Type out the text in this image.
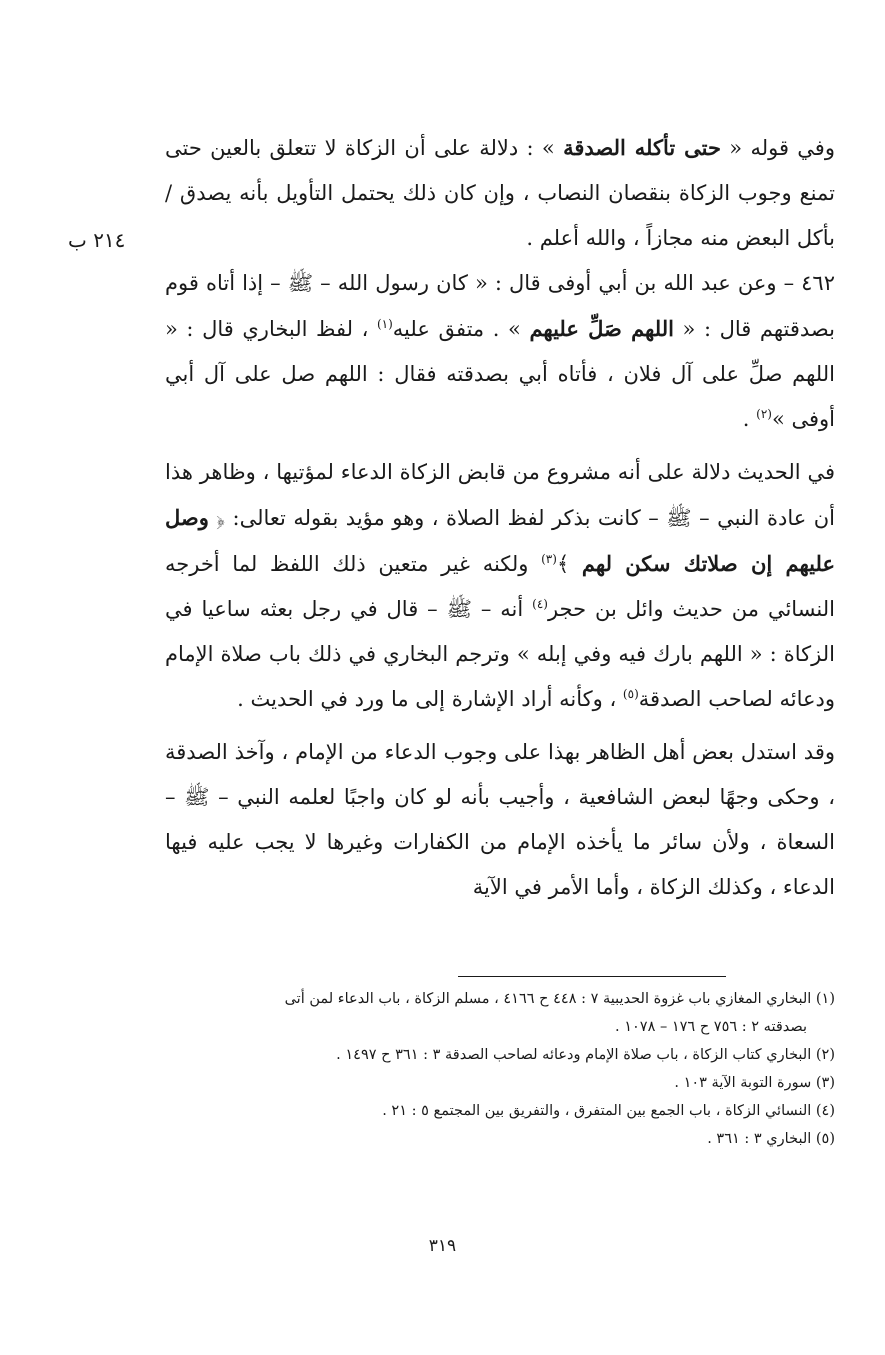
٢١٤ ب

وفي قوله « حتى تأكله الصدقة » : دلالة على أن الزكاة لا تتعلق بالعين حتى تمنع وجوب الزكاة بنقصان النصاب ، وإن كان ذلك يحتمل التأويل بأنه يصدق / بأكل البعض منه مجازاً ، والله أعلم .

٤٦٢ – وعن عبد الله بن أبي أوفى قال : « كان رسول الله – ﷺ – إذا أتاه قوم بصدقتهم قال : « اللهم صَلِّ عليهم » . متفق عليه$^{(١)}$ ، لفظ البخاري قال : « اللهم صلِّ على آل فلان ، فأتاه أبي بصدقته فقال : اللهم صل على آل أبي أوفى »$^{(٢)}$ .

في الحديث دلالة على أنه مشروع من قابض الزكاة الدعاء لمؤتيها ، وظاهر هذا أن عادة النبي – ﷺ – كانت بذكر لفظ الصلاة ، وهو مؤيد بقوله تعالى: ﴿ وصل عليهم إن صلاتك سكن لهم ﴾$^{(٣)}$ ولكنه غير متعين ذلك اللفظ لما أخرجه النسائي من حديث وائل بن حجر$^{(٤)}$ أنه – ﷺ – قال في رجل بعثه ساعيا في الزكاة : « اللهم بارك فيه وفي إبله » وترجم البخاري في ذلك باب صلاة الإمام ودعائه لصاحب الصدقة$^{(٥)}$ ، وكأنه أراد الإشارة إلى ما ورد في الحديث .

وقد استدل بعض أهل الظاهر بهذا على وجوب الدعاء من الإمام ، وآخذ الصدقة ، وحكى وجهًا لبعض الشافعية ، وأجيب بأنه لو كان واجبًا لعلمه النبي – ﷺ – السعاة ، ولأن سائر ما يأخذه الإمام من الكفارات وغيرها لا يجب عليه فيها الدعاء ، وكذلك الزكاة ، وأما الأمر في الآية

(١) البخاري المغازي باب غزوة الحديبية ٧ : ٤٤٨ ح ٤١٦٦ ، مسلم الزكاة ، باب الدعاء لمن أتى

بصدقته ٢ : ٧٥٦ ح ١٧٦ – ١٠٧٨ .

(٢) البخاري كتاب الزكاة ، باب صلاة الإمام ودعائه لصاحب الصدقة ٣ : ٣٦١ ح ١٤٩٧ .

(٣) سورة التوبة الآية ١٠٣ .

(٤) النسائي الزكاة ، باب الجمع بين المتفرق ، والتفريق بين المجتمع ٥ : ٢١ .

(٥) البخاري ٣ : ٣٦١ .

٣١٩
